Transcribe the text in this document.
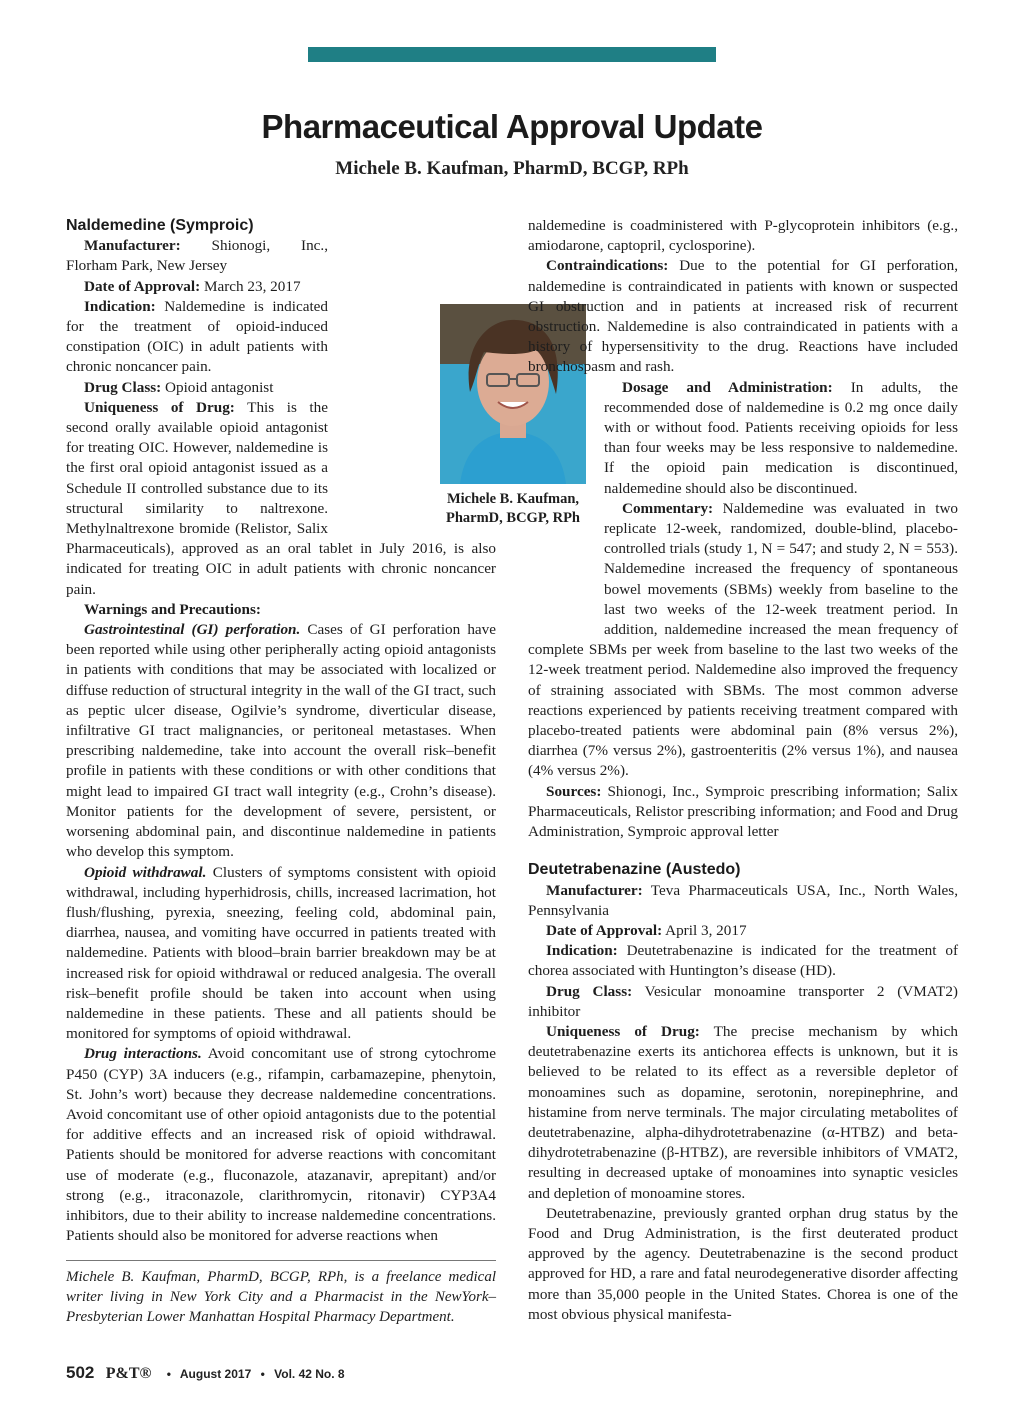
Pharmaceutical Approval Update
Michele B. Kaufman, PharmD, BCGP, RPh
Naldemedine (Symproic)

Manufacturer: Shionogi, Inc., Florham Park, New Jersey

Date of Approval: March 23, 2017

Indication: Naldemedine is indicated for the treatment of opioid-induced constipation (OIC) in adult patients with chronic noncancer pain.

Drug Class: Opioid antagonist

Uniqueness of Drug: This is the second orally available opioid antagonist for treating OIC. However, naldemedine is the first oral opioid antagonist issued as a Schedule II controlled substance due to its structural similarity to naltrexone. Methylnaltrexone bromide (Relistor, Salix Pharmaceuticals), approved as an oral tablet in July 2016, is also indicated for treating OIC in adult patients with chronic noncancer pain.

Warnings and Precautions:

Gastrointestinal (GI) perforation. Cases of GI perforation have been reported while using other peripherally acting opioid antagonists in patients with conditions that may be associated with localized or diffuse reduction of structural integrity in the wall of the GI tract, such as peptic ulcer disease, Ogilvie’s syndrome, diverticular disease, infiltrative GI tract malignancies, or peritoneal metastases. When prescribing naldemedine, take into account the overall risk–benefit profile in patients with these conditions or with other conditions that might lead to impaired GI tract wall integrity (e.g., Crohn’s disease). Monitor patients for the development of severe, persistent, or worsening abdominal pain, and discontinue naldemedine in patients who develop this symptom.

Opioid withdrawal. Clusters of symptoms consistent with opioid withdrawal, including hyperhidrosis, chills, increased lacrimation, hot flush/flushing, pyrexia, sneezing, feeling cold, abdominal pain, diarrhea, nausea, and vomiting have occurred in patients treated with naldemedine. Patients with blood–brain barrier breakdown may be at increased risk for opioid withdrawal or reduced analgesia. The overall risk–benefit profile should be taken into account when using naldemedine in these patients. These and all patients should be monitored for symptoms of opioid withdrawal.

Drug interactions. Avoid concomitant use of strong cytochrome P450 (CYP) 3A inducers (e.g., rifampin, carbamazepine, phenytoin, St. John’s wort) because they decrease naldemedine concentrations. Avoid concomitant use of other opioid antagonists due to the potential for additive effects and an increased risk of opioid withdrawal. Patients should be monitored for adverse reactions with concomitant use of moderate (e.g., fluconazole, atazanavir, aprepitant) and/or strong (e.g., itraconazole, clarithromycin, ritonavir) CYP3A4 inhibitors, due to their ability to increase naldemedine concentrations. Patients should also be monitored for adverse reactions when

Michele B. Kaufman,
PharmD, BCGP, RPh

naldemedine is coadministered with P-glycoprotein inhibitors (e.g., amiodarone, captopril, cyclosporine).

Contraindications: Due to the potential for GI perforation, naldemedine is contraindicated in patients with known or suspected GI obstruction and in patients at increased risk of recurrent obstruction. Naldemedine is also contraindicated in patients with a history of hypersensitivity to the drug. Reactions have included bronchospasm and rash.

Dosage and Administration: In adults, the recommended dose of naldemedine is 0.2 mg once daily with or without food. Patients receiving opioids for less than four weeks may be less responsive to naldemedine. If the opioid pain medication is discontinued, naldemedine should also be discontinued.

Commentary: Naldemedine was evaluated in two replicate 12-week, randomized, double-blind, placebo-controlled trials (study 1, N = 547; and study 2, N = 553). Naldemedine increased the frequency of spontaneous bowel movements (SBMs) weekly from baseline to the last two weeks of the 12-week treatment period. In addition, naldemedine increased the mean frequency of complete SBMs per week from baseline to the last two weeks of the 12-week treatment period. Naldemedine also improved the frequency of straining associated with SBMs. The most common adverse reactions experienced by patients receiving treatment compared with placebo-treated patients were abdominal pain (8% versus 2%), diarrhea (7% versus 2%), gastroenteritis (2% versus 1%), and nausea (4% versus 2%).

Sources: Shionogi, Inc., Symproic prescribing information; Salix Pharmaceuticals, Relistor prescribing information; and Food and Drug Administration, Symproic approval letter

Deutetrabenazine (Austedo)

Manufacturer: Teva Pharmaceuticals USA, Inc., North Wales, Pennsylvania

Date of Approval: April 3, 2017

Indication: Deutetrabenazine is indicated for the treatment of chorea associated with Huntington’s disease (HD).

Drug Class: Vesicular monoamine transporter 2 (VMAT2) inhibitor

Uniqueness of Drug: The precise mechanism by which deutetrabenazine exerts its antichorea effects is unknown, but it is believed to be related to its effect as a reversible depletor of monoamines such as dopamine, serotonin, norepinephrine, and histamine from nerve terminals. The major circulating metabolites of deutetrabenazine, alpha-dihydrotetrabenazine (α-HTBZ) and beta-dihydrotetrabenazine (β-HTBZ), are reversible inhibitors of VMAT2, resulting in decreased uptake of monoamines into synaptic vesicles and depletion of monoamine stores.

Deutetrabenazine, previously granted orphan drug status by the Food and Drug Administration, is the first deuterated product approved by the agency. Deutetrabenazine is the second product approved for HD, a rare and fatal neurodegenerative disorder affecting more than 35,000 people in the United States. Chorea is one of the most obvious physical manifesta-

Michele B. Kaufman, PharmD, BCGP, RPh, is a freelance medical writer living in New York City and a Pharmacist in the NewYork–Presbyterian Lower Manhattan Hospital Pharmacy Department.
502 P&T® • August 2017 • Vol. 42 No. 8
